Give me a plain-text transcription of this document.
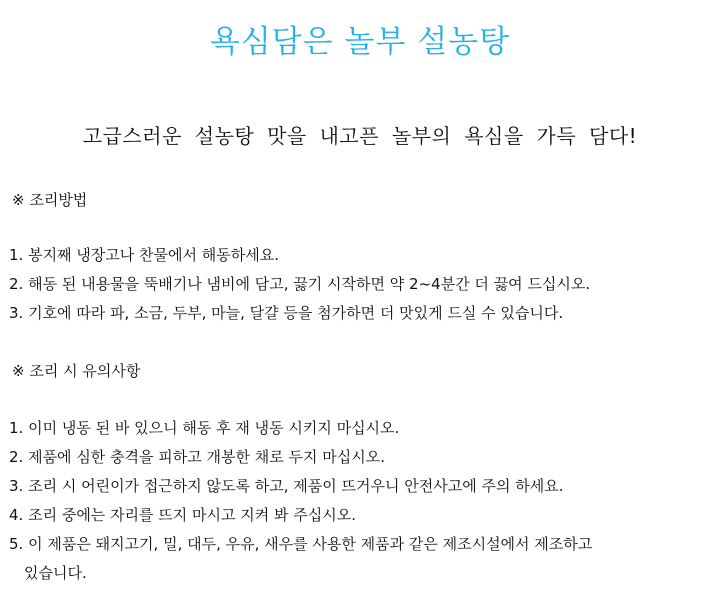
욕심담은 놀부 설농탕
고급스러운 설농탕 맛을 내고픈 놀부의 욕심을 가득 담다!
※ 조리방법
1. 봉지째 냉장고나 찬물에서 해동하세요.
2. 해동 된 내용물을 뚝배기나 냄비에 담고, 끓기 시작하면 약 2~4분간 더 끓여 드십시오.
3. 기호에 따라 파, 소금, 두부, 마늘, 달걀 등을 첨가하면 더 맛있게 드실 수 있습니다.
※ 조리 시 유의사항
1. 이미 냉동 된 바 있으니 해동 후 재 냉동 시키지 마십시오.
2. 제품에 심한 충격을 피하고 개봉한 채로 두지 마십시오.
3. 조리 시 어린이가 접근하지 않도록 하고, 제품이 뜨거우니 안전사고에 주의 하세요.
4. 조리 중에는 자리를 뜨지 마시고 지켜 봐 주십시오.
5. 이 제품은 돼지고기, 밀, 대두, 우유, 새우를 사용한 제품과 같은 제조시설에서 제조하고
있습니다.
